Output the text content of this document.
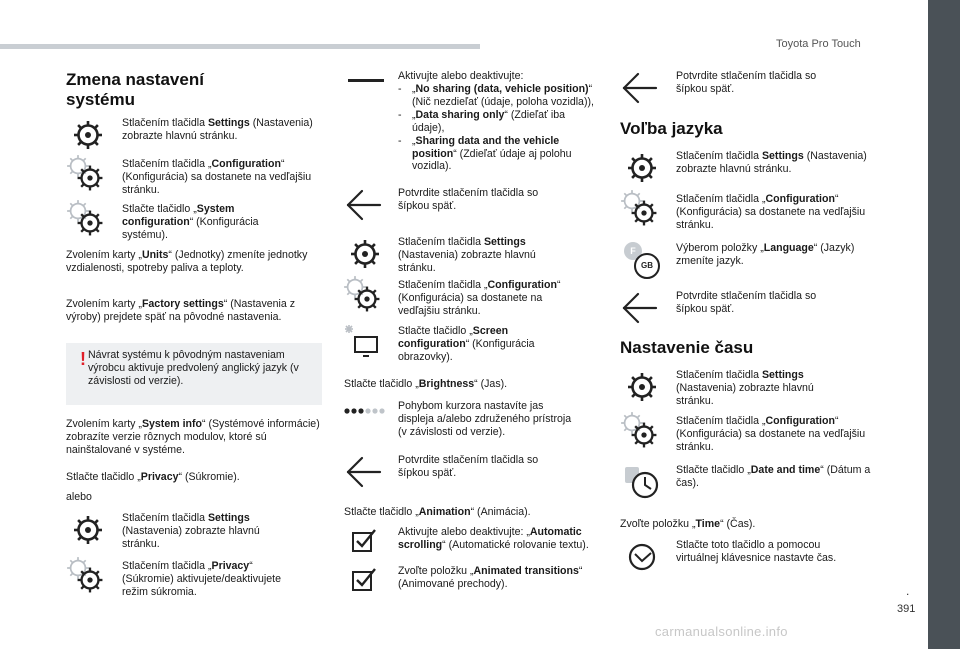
Toyota Pro Touch
Zmena nastavení
systému
Stlačením tlačidla Settings (Nastavenia) zobrazte hlavnú stránku.
Stlačením tlačidla „Configuration“ (Konfigurácia) sa dostanete na vedľajšiu stránku.
Stlačte tlačidlo „System configuration“ (Konfigurácia systému).
Zvolením karty „Units“ (Jednotky) zmeníte jednotky vzdialenosti, spotreby paliva a teploty.
Zvolením karty „Factory settings“ (Nastavenia z výroby) prejdete späť na pôvodné nastavenia.
! Návrat systému k pôvodným nastaveniam výrobcu aktivuje predvolený anglický jazyk (v závislosti od verzie).
Zvolením karty „System info“ (Systémové informácie) zobrazíte verzie rôznych modulov, ktoré sú nainštalované v systéme.
Stlačte tlačidlo „Privacy“ (Súkromie).
alebo
Stlačením tlačidla Settings (Nastavenia) zobrazte hlavnú stránku.
Stlačením tlačidla „Privacy“ (Súkromie) aktivujete/deaktivujete režim súkromia.
Aktivujte alebo deaktivujte:
- „No sharing (data, vehicle position)“ (Nič nezdieľať (údaje, poloha vozidla)),
- „Data sharing only“ (Zdieľať iba údaje),
- „Sharing data and the vehicle position“ (Zdieľať údaje aj polohu vozidla).
Potvrdite stlačením tlačidla so šípkou späť.
Stlačením tlačidla Settings (Nastavenia) zobrazte hlavnú stránku.
Stlačením tlačidla „Configuration“ (Konfigurácia) sa dostanete na vedľajšiu stránku.
Stlačte tlačidlo „Screen configuration“ (Konfigurácia obrazovky).
Stlačte tlačidlo „Brightness“ (Jas).
Pohybom kurzora nastavíte jas displeja a/alebo združeného prístroja (v závislosti od verzie).
Potvrdite stlačením tlačidla so šípkou späť.
Stlačte tlačidlo „Animation“ (Animácia).
Aktivujte alebo deaktivujte: „Automatic scrolling“ (Automatické rolovanie textu).
Zvoľte položku „Animated transitions“ (Animované prechody).
Potvrdite stlačením tlačidla so šípkou späť.
Voľba jazyka
Stlačením tlačidla Settings (Nastavenia) zobrazte hlavnú stránku.
Stlačením tlačidla „Configuration“ (Konfigurácia) sa dostanete na vedľajšiu stránku.
F
GB
Výberom položky „Language“ (Jazyk) zmeníte jazyk.
Potvrdite stlačením tlačidla so šípkou späť.
Nastavenie času
Stlačením tlačidla Settings (Nastavenia) zobrazte hlavnú stránku.
Stlačením tlačidla „Configuration“ (Konfigurácia) sa dostanete na vedľajšiu stránku.
Stlačte tlačidlo „Date and time“ (Dátum a čas).
Zvoľte položku „Time“ (Čas).
Stlačte toto tlačidlo a pomocou virtuálnej klávesnice nastavte čas.
.
391
carmanualsonline.info
